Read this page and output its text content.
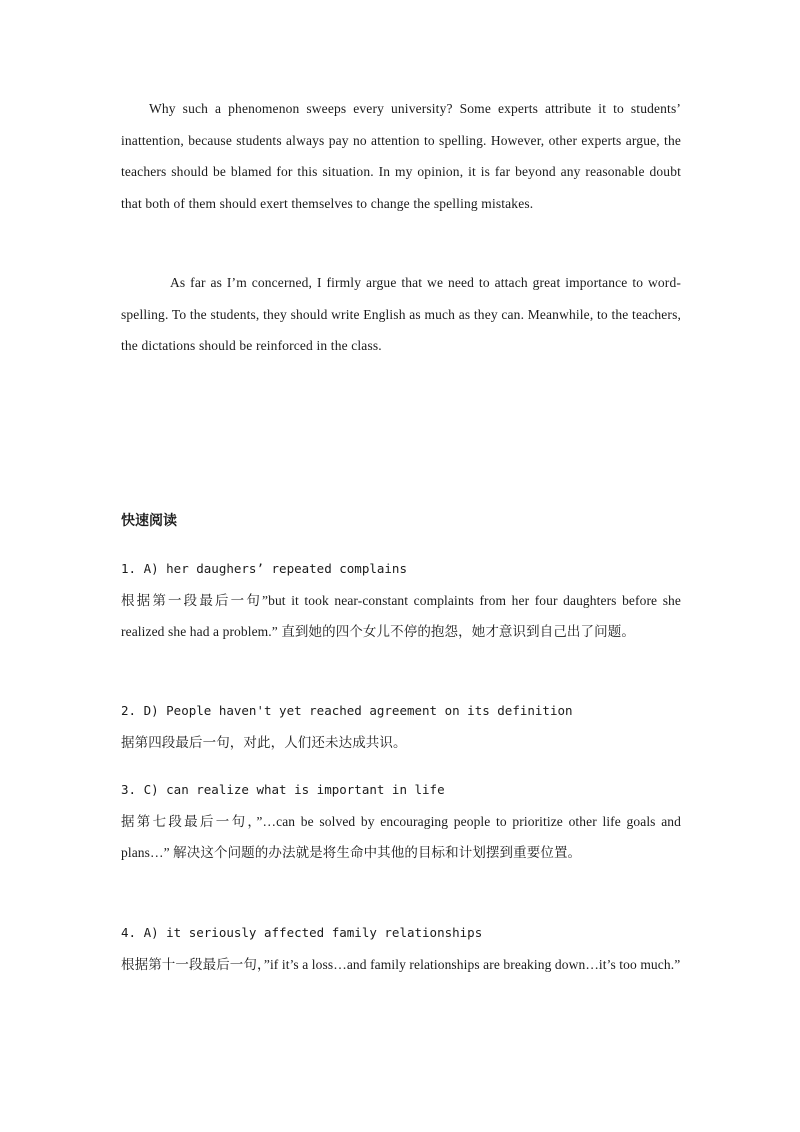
Why such a phenomenon sweeps every university? Some experts attribute it to students’ inattention, because students always pay no attention to spelling. However, other experts argue, the teachers should be blamed for this situation. In my opinion, it is far beyond any reasonable doubt that both of them should exert themselves to change the spelling mistakes.

As far as I’m concerned, I firmly argue that we need to attach great importance to word-spelling. To the students, they should write English as much as they can. Meanwhile, to the teachers, the dictations should be reinforced in the class.

快速阅读
1. A) her daughers’ repeated complains
根据第一段最后一句”but it took near-constant complaints from her four daughters before she realized she had a problem.” 直到她的四个女儿不停的抱怨，她才意识到自己出了问题。
2. D) People haven't yet reached agreement on its definition
据第四段最后一句，对此，人们还未达成共识。
3. C) can realize what is important in life
据第七段最后一句，”…can be solved by encouraging people to prioritize other life goals and plans…” 解决这个问题的办法就是将生命中其他的目标和计划摆到重要位置。
4. A) it seriously affected family relationships
根据第十一段最后一句，”if it’s a loss…and family relationships are breaking down…it’s too much.”
